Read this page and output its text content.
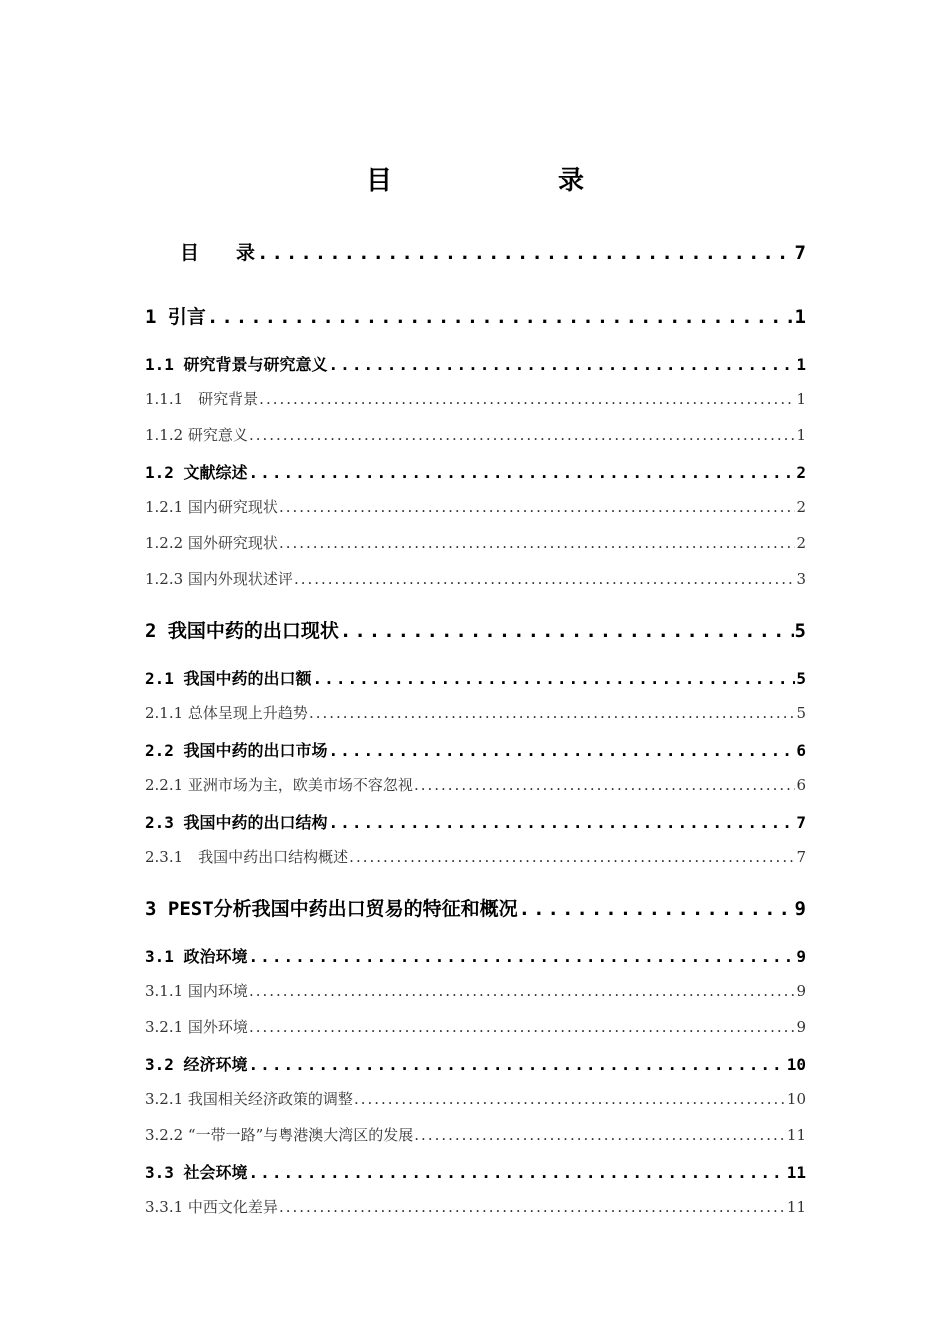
目　　录
目 录 .....	7
1 引言 .....	1
1.1 研究背景与研究意义 .....	1
1.1.1　研究背景 .....	1
1.1.2 研究意义 .....	1
1.2 文献综述 .....	2
1.2.1 国内研究现状 .....	2
1.2.2 国外研究现状 .....	2
1.2.3 国内外现状述评 .....	3
2 我国中药的出口现状 .....	5
2.1 我国中药的出口额 .....	5
2.1.1 总体呈现上升趋势 .....	5
2.2 我国中药的出口市场 .....	6
2.2.1 亚洲市场为主，欧美市场不容忽视 .....	6
2.3 我国中药的出口结构 .....	7
2.3.1　我国中药出口结构概述 .....	7
3 PEST分析我国中药出口贸易的特征和概况 .....	9
3.1 政治环境 .....	9
3.1.1 国内环境 .....	9
3.2.1 国外环境 .....	9
3.2 经济环境 .....	10
3.2.1 我国相关经济政策的调整 .....	10
3.2.2 “一带一路”与粤港澳大湾区的发展 .....	11
3.3 社会环境 .....	11
3.3.1 中西文化差异 .....	11
